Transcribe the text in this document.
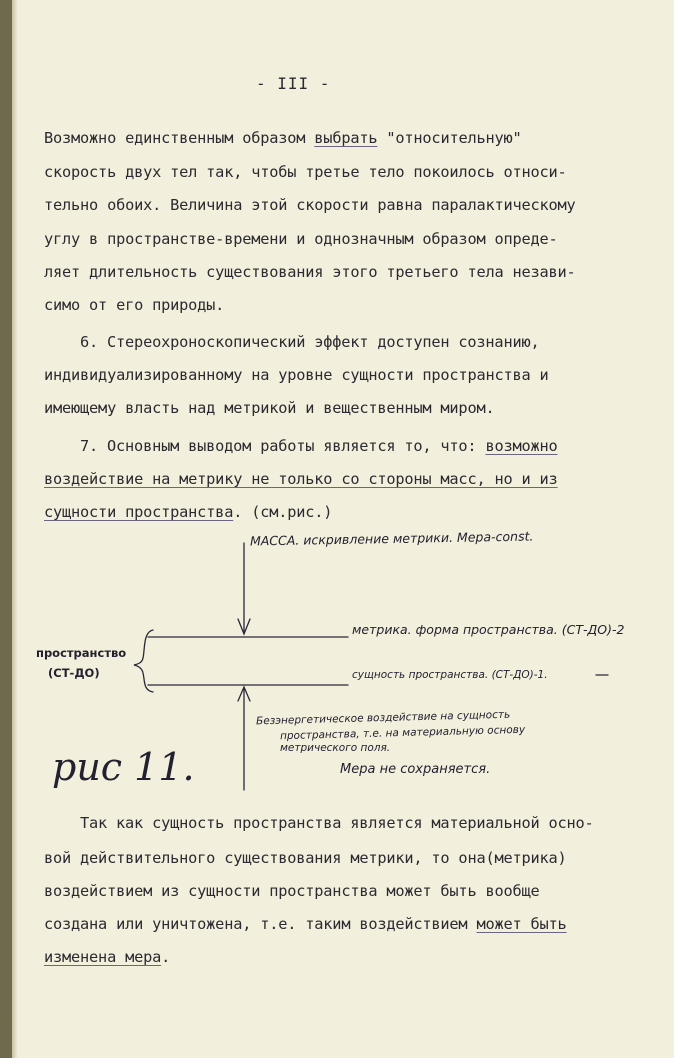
- III -

Возможно единственным образом выбрать "относительную"

скорость двух тел так, чтобы третье тело покоилось относи-

тельно обоих. Величина этой скорости равна паралактическому

углу в пространстве-времени и однозначным образом опреде-

ляет длительность существования этого третьего тела незави-

симо от его природы.

6. Стереохроноскопический эффект доступен сознанию,

индивидуализированному на уровне сущности пространства и

имеющему власть над метрикой и вещественным миром.

7. Основным выводом работы является то, что: возможно

воздействие на метрику не только со стороны масс, но и из

сущности пространства. (см.рис.)

МАССА. искривление метрики. Мера-const.

пространство

(СТ-ДО)

метрика. форма пространства. (СТ-ДО)-2

сущность пространства. (СТ-ДО)-1.

Безэнергетическое воздействие на сущность

пространства, т.е. на материальную основу

метрического поля.

Мера не сохраняется.

рис 11.

Так как сущность пространства является материальной осно-

вой действительного существования метрики, то она(метрика)

воздействием из сущности пространства может быть вообще

создана или уничтожена, т.е. таким воздействием может быть

изменена мера.
